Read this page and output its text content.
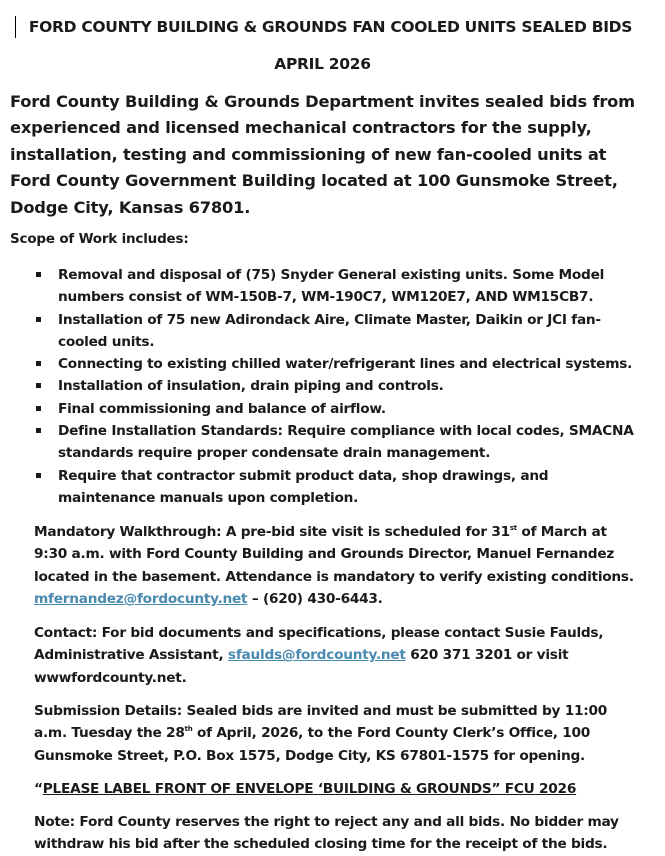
FORD COUNTY BUILDING & GROUNDS FAN COOLED UNITS SEALED BIDS
APRIL 2026
Ford County Building & Grounds Department invites sealed bids from experienced and licensed mechanical contractors for the supply, installation, testing and commissioning of new fan-cooled units at Ford County Government Building located at 100 Gunsmoke Street, Dodge City, Kansas 67801.
Scope of Work includes:
Removal and disposal of (75) Snyder General existing units. Some Model numbers consist of WM-150B-7, WM-190C7, WM120E7, AND WM15CB7.
Installation of 75 new Adirondack Aire, Climate Master, Daikin or JCI fan-cooled units.
Connecting to existing chilled water/refrigerant lines and electrical systems.
Installation of insulation, drain piping and controls.
Final commissioning and balance of airflow.
Define Installation Standards: Require compliance with local codes, SMACNA standards require proper condensate drain management.
Require that contractor submit product data, shop drawings, and maintenance manuals upon completion.
Mandatory Walkthrough: A pre-bid site visit is scheduled for 31st of March at 9:30 a.m. with Ford County Building and Grounds Director, Manuel Fernandez located in the basement. Attendance is mandatory to verify existing conditions.
mfernandez@fordocunty.net – (620) 430-6443.
Contact: For bid documents and specifications, please contact Susie Faulds, Administrative Assistant, sfaulds@fordcounty.net 620 371 3201 or visit wwwfordcounty.net.
Submission Details: Sealed bids are invited and must be submitted by 11:00 a.m. Tuesday the 28th of April, 2026, to the Ford County Clerk’s Office, 100 Gunsmoke Street, P.O. Box 1575, Dodge City, KS 67801-1575 for opening.
“PLEASE LABEL FRONT OF ENVELOPE ‘BUILDING & GROUNDS” FCU 2026
Note: Ford County reserves the right to reject any and all bids. No bidder may withdraw his bid after the scheduled closing time for the receipt of the bids.
